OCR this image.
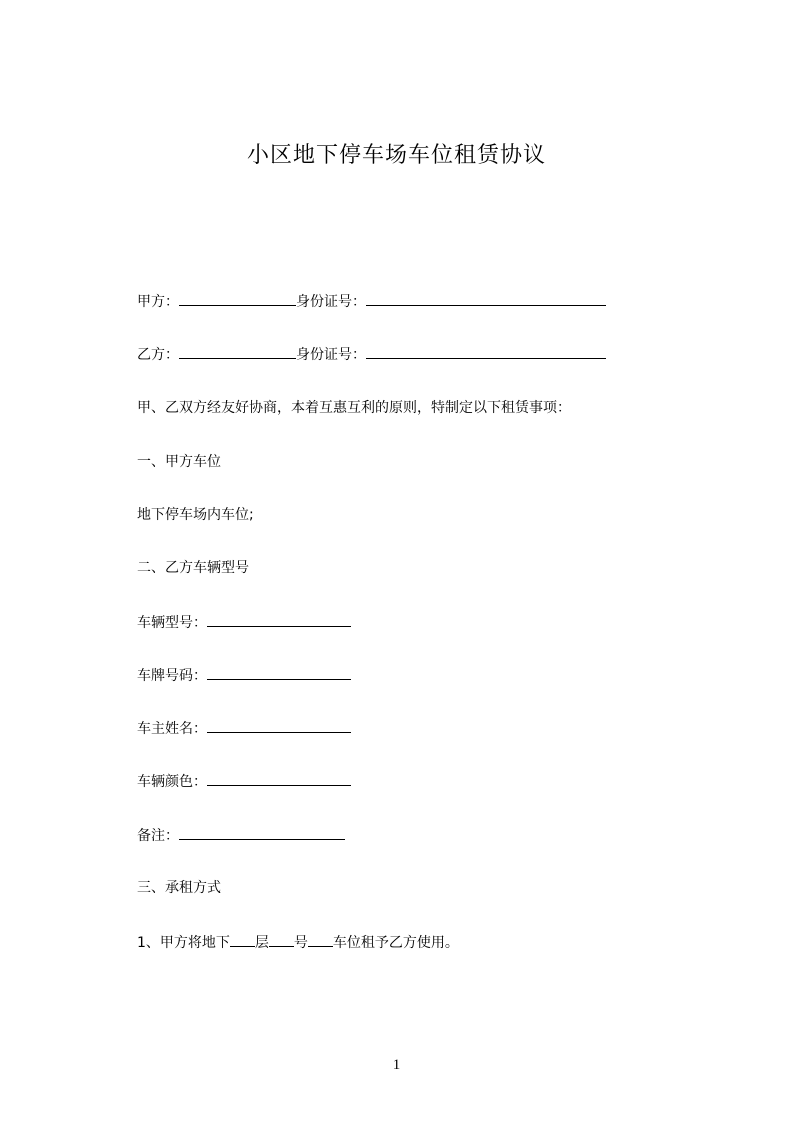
小区地下停车场车位租赁协议
甲方：	身份证号：
乙方：	身份证号：
甲、乙双方经友好协商，本着互惠互利的原则，特制定以下租赁事项：
一、甲方车位
地下停车场内车位;
二、乙方车辆型号
车辆型号：
车牌号码：
车主姓名：
车辆颜色：
备注：
三、承租方式
1、甲方将地下 层 号 车位租予乙方使用。
1
